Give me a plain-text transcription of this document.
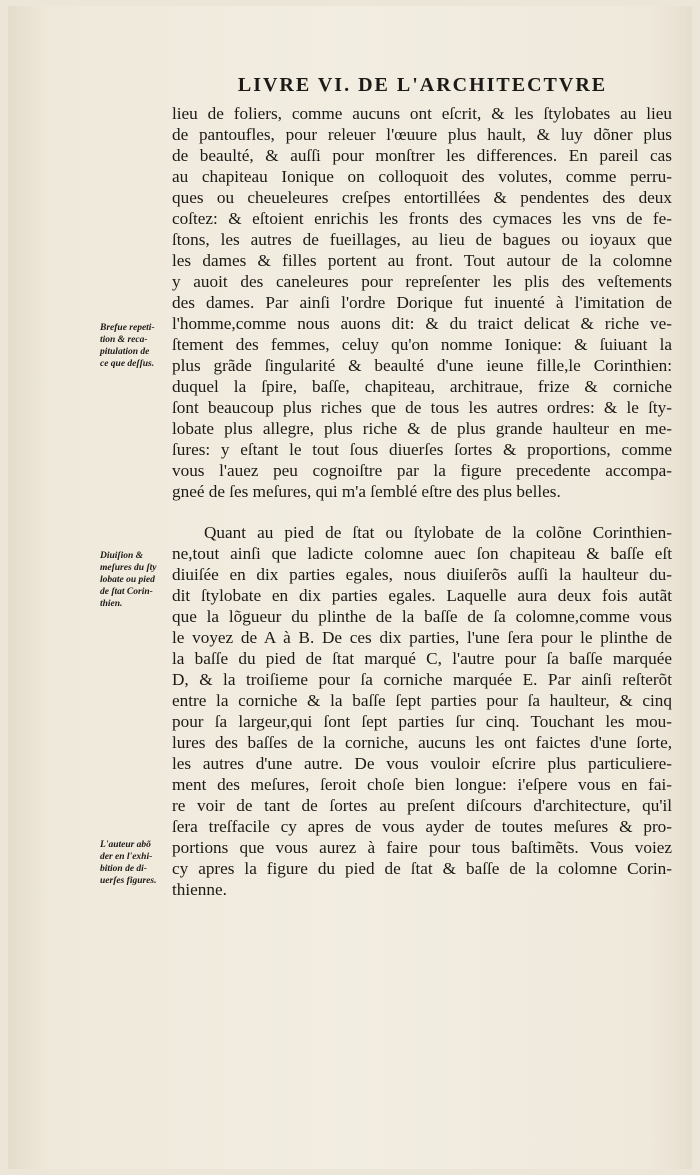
LIVRE VI. DE L'ARCHITECTVRE
lieu de foliers, comme aucuns ont eſcrit, & les ſtylobates au lieu
de pantoufles, pour releuer l'œuure plus hault, & luy dõner plus
de beaulté, & auſſi pour monſtrer les differences. En pareil cas
au chapiteau Ionique on colloquoit des volutes, comme perru-
ques ou cheueleures creſpes entortillées & pendentes des deux
coſtez: & eſtoient enrichis les fronts des cymaces les vns de fe-
ſtons, les autres de fueillages, au lieu de bagues ou ioyaux que
les dames & filles portent au front. Tout autour de la colomne
y auoit des caneleures pour repreſenter les plis des veſtements
des dames. Par ainſi l'ordre Dorique fut inuenté à l'imitation de
l'homme,comme nous auons dit: & du traict delicat & riche ve-
ſtement des femmes, celuy qu'on nomme Ionique: & ſuiuant la
plus grãde ſingularité & beaulté d'une ieune fille,le Corinthien:
duquel la ſpire, baſſe, chapiteau, architraue, frize & corniche
ſont beaucoup plus riches que de tous les autres ordres: & le ſty-
lobate plus allegre, plus riche & de plus grande haulteur en me-
ſures: y eſtant le tout ſous diuerſes ſortes & proportions, comme
vous l'auez peu cognoiſtre par la figure precedente accompa-
gneé de ſes meſures, qui m'a ſemblé eſtre des plus belles.
Quant au pied de ſtat ou ſtylobate de la colõne Corinthien-
ne,tout ainſi que ladicte colomne auec ſon chapiteau & baſſe eſt
diuiſée en dix parties egales, nous diuiſerõs auſſi la haulteur du-
dit ſtylobate en dix parties egales. Laquelle aura deux fois autãt
que la lõgueur du plinthe de la baſſe de ſa colomne,comme vous
le voyez de A à B. De ces dix parties, l'une ſera pour le plinthe de
la baſſe du pied de ſtat marqué C, l'autre pour ſa baſſe marquée
D, & la troiſieme pour ſa corniche marquée E. Par ainſi reſterõt
entre la corniche & la baſſe ſept parties pour ſa haulteur, & cinq
pour ſa largeur,qui ſont ſept parties ſur cinq. Touchant les mou-
lures des baſſes de la corniche, aucuns les ont faictes d'une ſorte,
les autres d'une autre. De vous vouloir eſcrire plus particuliere-
ment des meſures, ſeroit choſe bien longue: i'eſpere vous en fai-
re voir de tant de ſortes au preſent diſcours d'architecture, qu'il
ſera treſfacile cy apres de vous ayder de toutes meſures & pro-
portions que vous aurez à faire pour tous baſtimẽts. Vous voiez
cy apres la figure du pied de ſtat & baſſe de la colomne Corin-
thienne.
Brefue repeti-
tion & reca-
pitulation de
ce que deſſus.
Diuiſion &
meſures du ſty
lobate ou pied
de ſtat Corin-
thien.
L'auteur abõ
der en l'exhi-
bition de di-
uerſes figures.
